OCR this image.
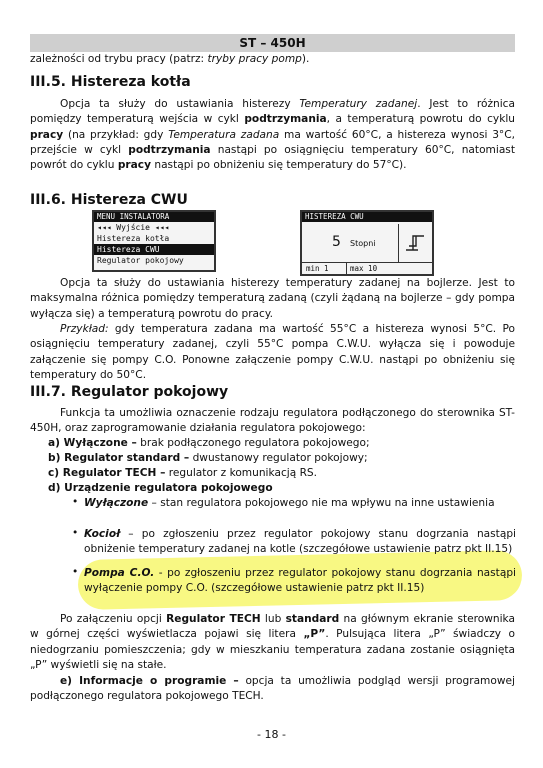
ST – 450H
zależności od trybu pracy (patrz: tryby pracy pomp).
III.5. Histereza kotła
Opcja ta służy do ustawiania histerezy Temperatury zadanej. Jest to różnica pomiędzy temperaturą wejścia w cykl podtrzymania, a temperaturą powrotu do cyklu pracy (na przykład: gdy Temperatura zadana ma wartość 60°C, a histereza wynosi 3°C, przejście w cykl podtrzymania nastąpi po osiągnięciu temperatury 60°C, natomiast powrót do cyklu pracy nastąpi po obniżeniu się temperatury do 57°C).
III.6. Histereza CWU
MENU INSTALATORA
◂◂◂ Wyjście ◂◂◂
Histereza kotła
Histereza CWU
Regulator pokojowy
HISTEREZA CWU
5 Stopni
min 1	max 10
Opcja ta służy do ustawiania histerezy temperatury zadanej na bojlerze. Jest to maksymalna różnica pomiędzy temperaturą zadaną (czyli żądaną na bojlerze – gdy pompa wyłącza się) a temperaturą powrotu do pracy.
Przykład: gdy temperatura zadana ma wartość 55°C a histereza wynosi 5°C. Po osiągnięciu temperatury zadanej, czyli 55°C pompa C.W.U. wyłącza się i powoduje załączenie się pompy C.O. Ponowne załączenie pompy C.W.U. nastąpi po obniżeniu się temperatury do 50°C.
III.7. Regulator pokojowy
Funkcja ta umożliwia oznaczenie rodzaju regulatora podłączonego do sterownika ST-450H, oraz zaprogramowanie działania regulatora pokojowego:
a) Wyłączone – brak podłączonego regulatora pokojowego;
b) Regulator standard – dwustanowy regulator pokojowy;
c) Regulator TECH – regulator z komunikacją RS.
d) Urządzenie regulatora pokojowego
• Wyłączone – stan regulatora pokojowego nie ma wpływu na inne ustawienia
• Kocioł – po zgłoszeniu przez regulator pokojowy stanu dogrzania nastąpi obniżenie temperatury zadanej na kotle (szczegółowe ustawienie patrz pkt II.15)
• Pompa C.O. - po zgłoszeniu przez regulator pokojowy stanu dogrzania nastąpi wyłączenie pompy C.O. (szczegółowe ustawienie patrz pkt II.15)
Po załączeniu opcji Regulator TECH lub standard na głównym ekranie sterownika w górnej części wyświetlacza pojawi się litera „P”. Pulsująca litera „P” świadczy o niedogrzaniu pomieszczenia; gdy w mieszkaniu temperatura zadana zostanie osiągnięta „P” wyświetli się na stałe.
e) Informacje o programie – opcja ta umożliwia podgląd wersji programowej podłączonego regulatora pokojowego TECH.
- 18 -
